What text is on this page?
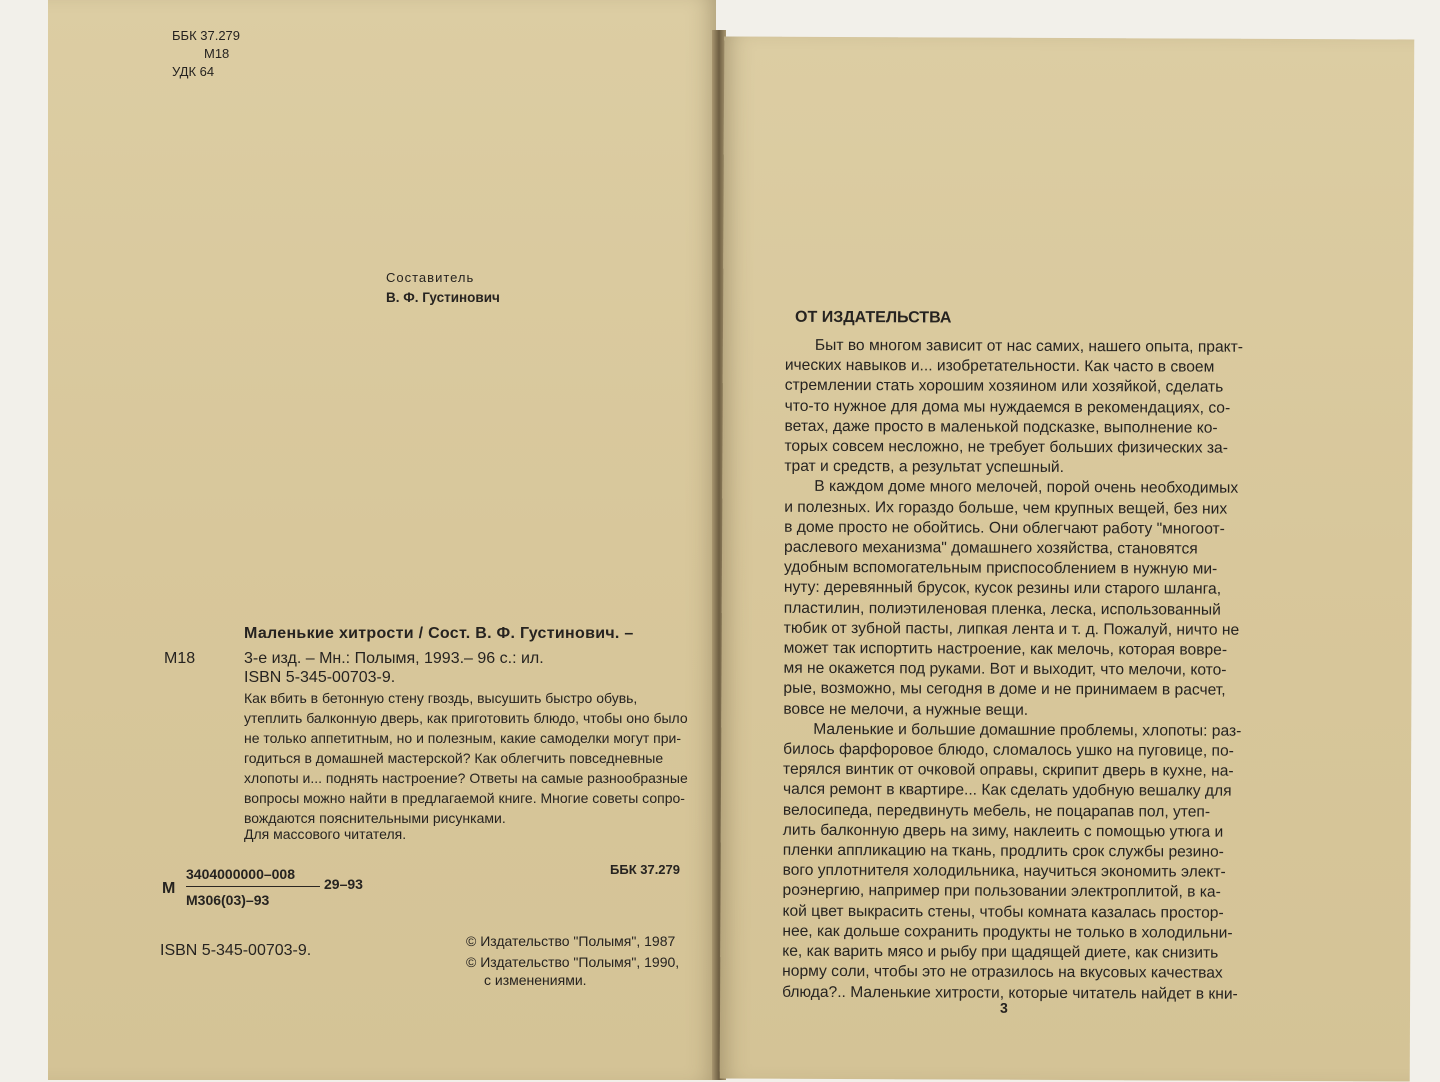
ББК 37.279
М18
УДК 64
Составитель
В. Ф. Густинович
Маленькие хитрости / Сост. В. Ф. Густинович. –
М18	3-е изд. – Мн.: Полымя, 1993.– 96 с.: ил.
ISBN 5-345-00703-9.

Как вбить в бетонную стену гвоздь, высушить быстро обувь,

утеплить балконную дверь, как приготовить блюдо, чтобы оно было

не только аппетитным, но и полезным, какие самоделки могут при-

годиться в домашней мастерской? Как облегчить повседневные

хлопоты и... поднять настроение? Ответы на самые разнообразные

вопросы можно найти в предлагаемой книге. Многие советы сопро-

вождаются пояснительными рисунками.

Для массового читателя.
М
3404000000–008
М306(03)–93
29–93
ББК 37.279
ISBN 5-345-00703-9.
© Издательство "Полымя", 1987
© Издательство "Полымя", 1990,
с изменениями.
ОТ ИЗДАТЕЛЬСТВА

Быт во многом зависит от нас самих, нашего опыта, практ-

ических навыков и... изобретательности. Как часто в своем

стремлении стать хорошим хозяином или хозяйкой, сделать

что-то нужное для дома мы нуждаемся в рекомендациях, со-

ветах, даже просто в маленькой подсказке, выполнение ко-

торых совсем несложно, не требует больших физических за-

трат и средств, а результат успешный.

В каждом доме много мелочей, порой очень необходимых

и полезных. Их гораздо больше, чем крупных вещей, без них

в доме просто не обойтись. Они облегчают работу "многоот-

раслевого механизма" домашнего хозяйства, становятся

удобным вспомогательным приспособлением в нужную ми-

нуту: деревянный брусок, кусок резины или старого шланга,

пластилин, полиэтиленовая пленка, леска, использованный

тюбик от зубной пасты, липкая лента и т. д. Пожалуй, ничто не

может так испортить настроение, как мелочь, которая вовре-

мя не окажется под руками. Вот и выходит, что мелочи, кото-

рые, возможно, мы сегодня в доме и не принимаем в расчет,

вовсе не мелочи, а нужные вещи.

Маленькие и большие домашние проблемы, хлопоты: раз-

билось фарфоровое блюдо, сломалось ушко на пуговице, по-

терялся винтик от очковой оправы, скрипит дверь в кухне, на-

чался ремонт в квартире... Как сделать удобную вешалку для

велосипеда, передвинуть мебель, не поцарапав пол, утеп-

лить балконную дверь на зиму, наклеить с помощью утюга и

пленки аппликацию на ткань, продлить срок службы резино-

вого уплотнителя холодильника, научиться экономить элект-

роэнергию, например при пользовании электроплитой, в ка-

кой цвет выкрасить стены, чтобы комната казалась простор-

нее, как дольше сохранить продукты не только в холодильни-

ке, как варить мясо и рыбу при щадящей диете, как снизить

норму соли, чтобы это не отразилось на вкусовых качествах

блюда?.. Маленькие хитрости, которые читатель найдет в кни-

3
